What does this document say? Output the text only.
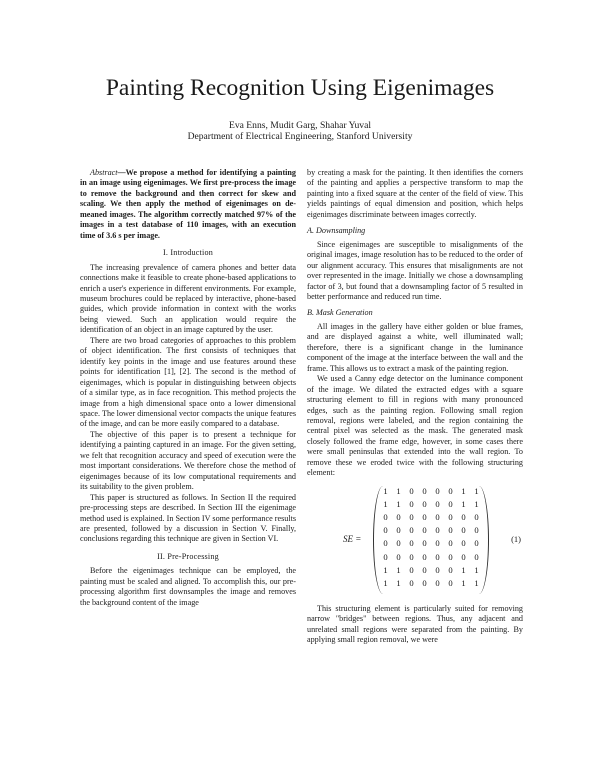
Painting Recognition Using Eigenimages
Eva Enns, Mudit Garg, Shahar Yuval
Department of Electrical Engineering, Stanford University

Abstract—We propose a method for identifying a painting in an image using eigenimages. We first pre-process the image to remove the background and then correct for skew and scaling. We then apply the method of eigenimages on de-meaned images. The algorithm correctly matched 97% of the images in a test database of 110 images, with an execution time of 3.6 s per image.

I. Introduction

The increasing prevalence of camera phones and better data connections make it feasible to create phone-based applications to enrich a user's experience in different environments. For example, museum brochures could be replaced by interactive, phone-based guides, which provide information in context with the works being viewed. Such an application would require the identification of an object in an image captured by the user.

There are two broad categories of approaches to this problem of object identification. The first consists of techniques that identify key points in the image and use features around these points for identification [1], [2]. The second is the method of eigenimages, which is popular in distinguishing between objects of a similar type, as in face recognition. This method projects the image from a high dimensional space onto a lower dimensional space. The lower dimensional vector compacts the unique features of the image, and can be more easily compared to a database.

The objective of this paper is to present a technique for identifying a painting captured in an image. For the given setting, we felt that recognition accuracy and speed of execution were the most important considerations. We therefore chose the method of eigenimages because of its low computational requirements and its suitability to the given problem.

This paper is structured as follows. In Section II the required pre-processing steps are described. In Section III the eigenimage method used is explained. In Section IV some performance results are presented, followed by a discussion in Section V. Finally, conclusions regarding this technique are given in Section VI.

II. Pre-Processing

Before the eigenimages technique can be employed, the painting must be scaled and aligned. To accomplish this, our pre-processing algorithm first downsamples the image and removes the background content of the image

by creating a mask for the painting. It then identifies the corners of the painting and applies a perspective transform to map the painting into a fixed square at the center of the field of view. This yields paintings of equal dimension and position, which helps eigenimages discriminate between images correctly.

A. Downsampling

Since eigenimages are susceptible to misalignments of the original images, image resolution has to be reduced to the order of our alignment accuracy. This ensures that misalignments are not over represented in the image. Initially we chose a downsampling factor of 3, but found that a downsampling factor of 5 resulted in better performance and reduced run time.

B. Mask Generation

All images in the gallery have either golden or blue frames, and are displayed against a white, well illuminated wall; therefore, there is a significant change in the luminance component of the image at the interface between the wall and the frame. This allows us to extract a mask of the painting region.

We used a Canny edge detector on the luminance component of the image. We dilated the extracted edges with a square structuring element to fill in regions with many pronounced edges, such as the painting region. Following small region removal, regions were labeled, and the region containing the central pixel was selected as the mask. The generated mask closely followed the frame edge, however, in some cases there were small peninsulas that extended into the wall region. To remove these we eroded twice with the following structuring element:

SE =
1	1	0	0	0	0	1	1
1	1	0	0	0	0	1	1
0	0	0	0	0	0	0	0
0	0	0	0	0	0	0	0
0	0	0	0	0	0	0	0
0	0	0	0	0	0	0	0
1	1	0	0	0	0	1	1
1	1	0	0	0	0	1	1
(1)

This structuring element is particularly suited for removing narrow "bridges" between regions. Thus, any adjacent and unrelated small regions were separated from the painting. By applying small region removal, we were
